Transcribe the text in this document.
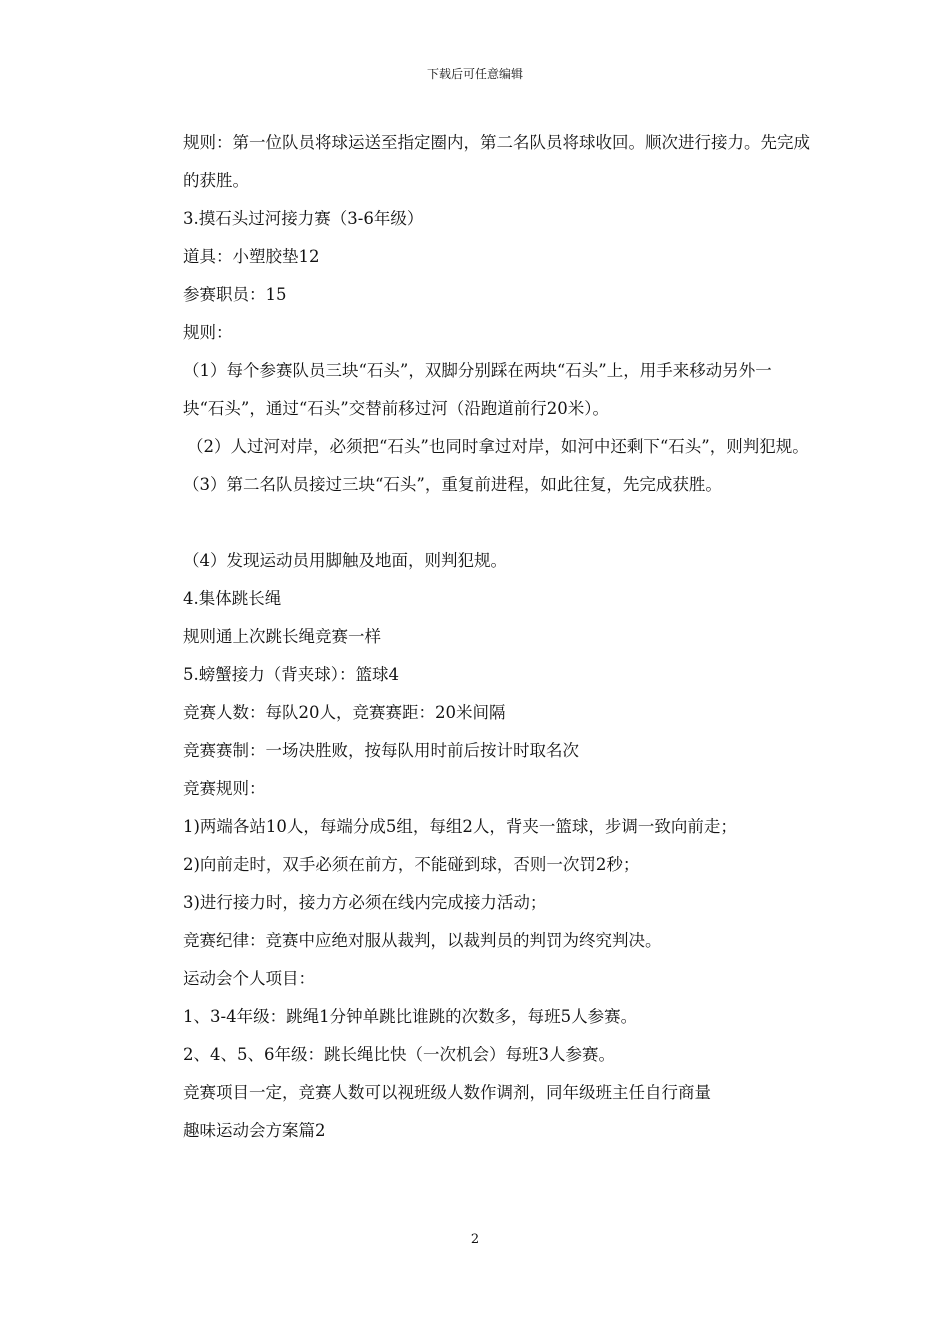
下载后可任意编辑

规则：第一位队员将球运送至指定圈内，第二名队员将球收回。顺次进行接力。先完成的获胜。

3.摸石头过河接力赛（3-6年级）

道具：小塑胶垫12

参赛职员：15

规则：

（1）每个参赛队员三块“石头”，双脚分别踩在两块“石头”上，用手来移动另外一块“石头”，通过“石头”交替前移过河（沿跑道前行20米）。

（2）人过河对岸，必须把“石头”也同时拿过对岸，如河中还剩下“石头”，则判犯规。

（3）第二名队员接过三块“石头”，重复前进程，如此往复，先完成获胜。

（4）发现运动员用脚触及地面，则判犯规。

4.集体跳长绳

规则通上次跳长绳竞赛一样

5.螃蟹接力（背夹球）：篮球4

竞赛人数：每队20人，竞赛赛距：20米间隔

竞赛赛制：一场决胜败，按每队用时前后按计时取名次

竞赛规则：

1)两端各站10人，每端分成5组，每组2人，背夹一篮球，步调一致向前走；

2)向前走时，双手必须在前方，不能碰到球，否则一次罚2秒；

3)进行接力时，接力方必须在线内完成接力活动；

竞赛纪律：竞赛中应绝对服从裁判，以裁判员的判罚为终究判决。

运动会个人项目：

1、3-4年级：跳绳1分钟单跳比谁跳的次数多，每班5人参赛。

2、4、5、6年级：跳长绳比快（一次机会）每班3人参赛。

竞赛项目一定，竞赛人数可以视班级人数作调剂，同年级班主任自行商量

趣味运动会方案篇2

2
